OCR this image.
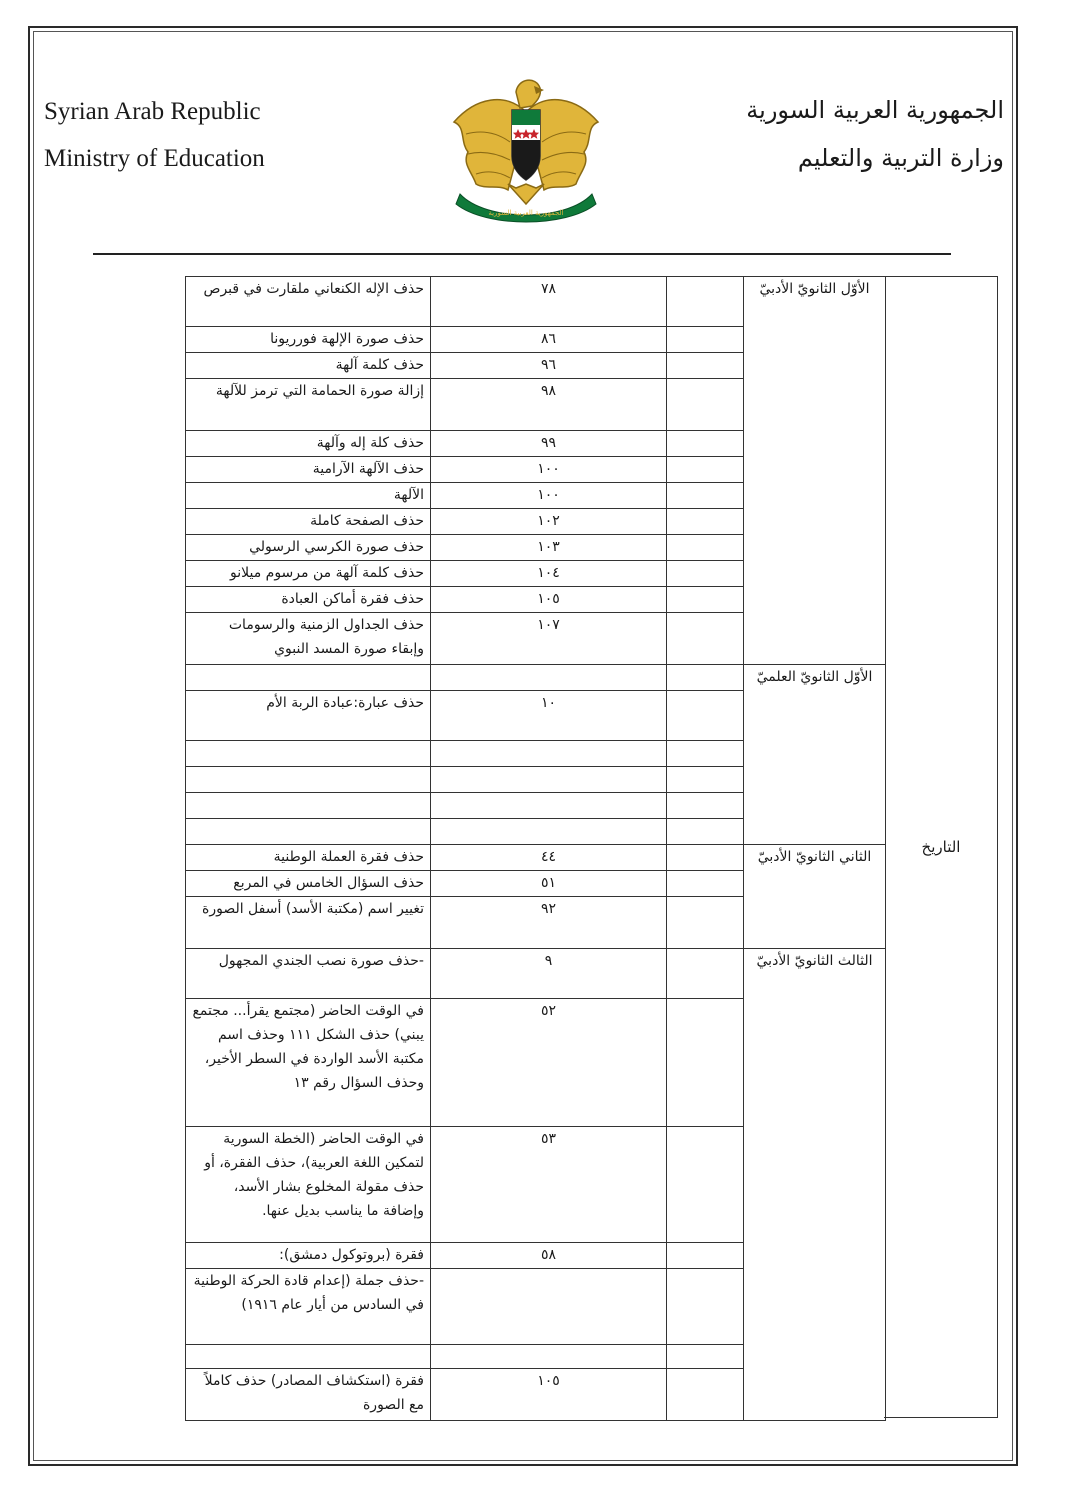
Syrian Arab Republic
Ministry of Education
الجمهورية العربية السورية
وزارة التربية والتعليم
الجمهورية العربية السورية
التاريخ
الأوّل الثانويّ الأدبيّ		٧٨	حذف الإله الكنعاني ملقارت في قبرص
		٨٦	حذف صورة الإلهة فورريونا
		٩٦	حذف كلمة آلهة
		٩٨	إزالة صورة الحمامة التي ترمز للآلهة
		٩٩	حذف كلة إله وآلهة
		١٠٠	حذف الآلهة الآرامية
		١٠٠	الآلهة
		١٠٢	حذف الصفحة كاملة
		١٠٣	حذف صورة الكرسي الرسولي
		١٠٤	حذف كلمة آلهة من مرسوم ميلانو
		١٠٥	حذف فقرة أماكن العبادة
		١٠٧	حذف الجداول الزمنية والرسومات وإبقاء صورة المسد النبوي
الأوّل الثانويّ العلميّ			
		١٠	حذف عبارة:عبادة الربة الأم

الثاني الثانويّ الأدبيّ		٤٤	حذف فقرة العملة الوطنية
		٥١	حذف السؤال الخامس في المربع
		٩٢	تغيير اسم (مكتبة الأسد) أسفل الصورة
الثالث الثانويّ الأدبيّ		٩	-حذف صورة نصب الجندي المجهول
		٥٢	في الوقت الحاضر (مجتمع يقرأ... مجتمع يبني) حذف الشكل ١١١ وحذف اسم مكتبة الأسد الواردة في السطر الأخير، وحذف السؤال رقم ١٣
		٥٣	في الوقت الحاضر (الخطة السورية لتمكين اللغة العربية)، حذف الفقرة، أو حذف مقولة المخلوع بشار الأسد، وإضافة ما يناسب بديل عنها.
		٥٨	فقرة (بروتوكول دمشق):
			-حذف جملة (إعدام قادة الحركة الوطنية في السادس من أيار عام ١٩١٦)

		١٠٥	فقرة (استكشاف المصادر) حذف كاملاً مع الصورة
